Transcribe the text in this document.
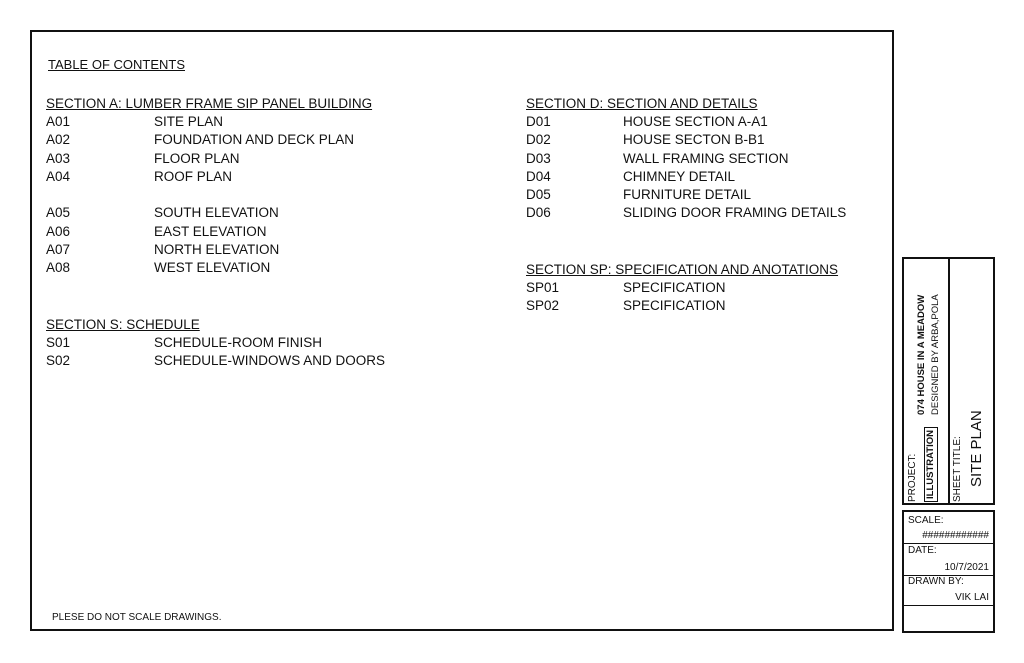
TABLE OF CONTENTS
SECTION A: LUMBER FRAME SIP PANEL BUILDING
A01	SITE PLAN
A02	FOUNDATION AND DECK PLAN
A03	FLOOR PLAN
A04	ROOF PLAN
A05	SOUTH ELEVATION
A06	EAST ELEVATION
A07	NORTH ELEVATION
A08	WEST ELEVATION
SECTION S: SCHEDULE
S01	SCHEDULE-ROOM FINISH
S02	SCHEDULE-WINDOWS AND DOORS
SECTION D: SECTION AND DETAILS
D01	HOUSE SECTION A-A1
D02	HOUSE SECTON B-B1
D03	WALL FRAMING SECTION
D04	CHIMNEY DETAIL
D05	FURNITURE DETAIL
D06	SLIDING DOOR FRAMING DETAILS
SECTION SP: SPECIFICATION AND ANOTATIONS
SP01	SPECIFICATION
SP02	SPECIFICATION
PLESE DO NOT SCALE DRAWINGS.
PROJECT: ILLUSTRATION
074 HOUSE IN A MEADOW DESIGNED BY ARBA,POLA
SHEET TITLE: SITE PLAN
SCALE:
############
DATE:
10/7/2021
DRAWN BY:
VIK LAI
